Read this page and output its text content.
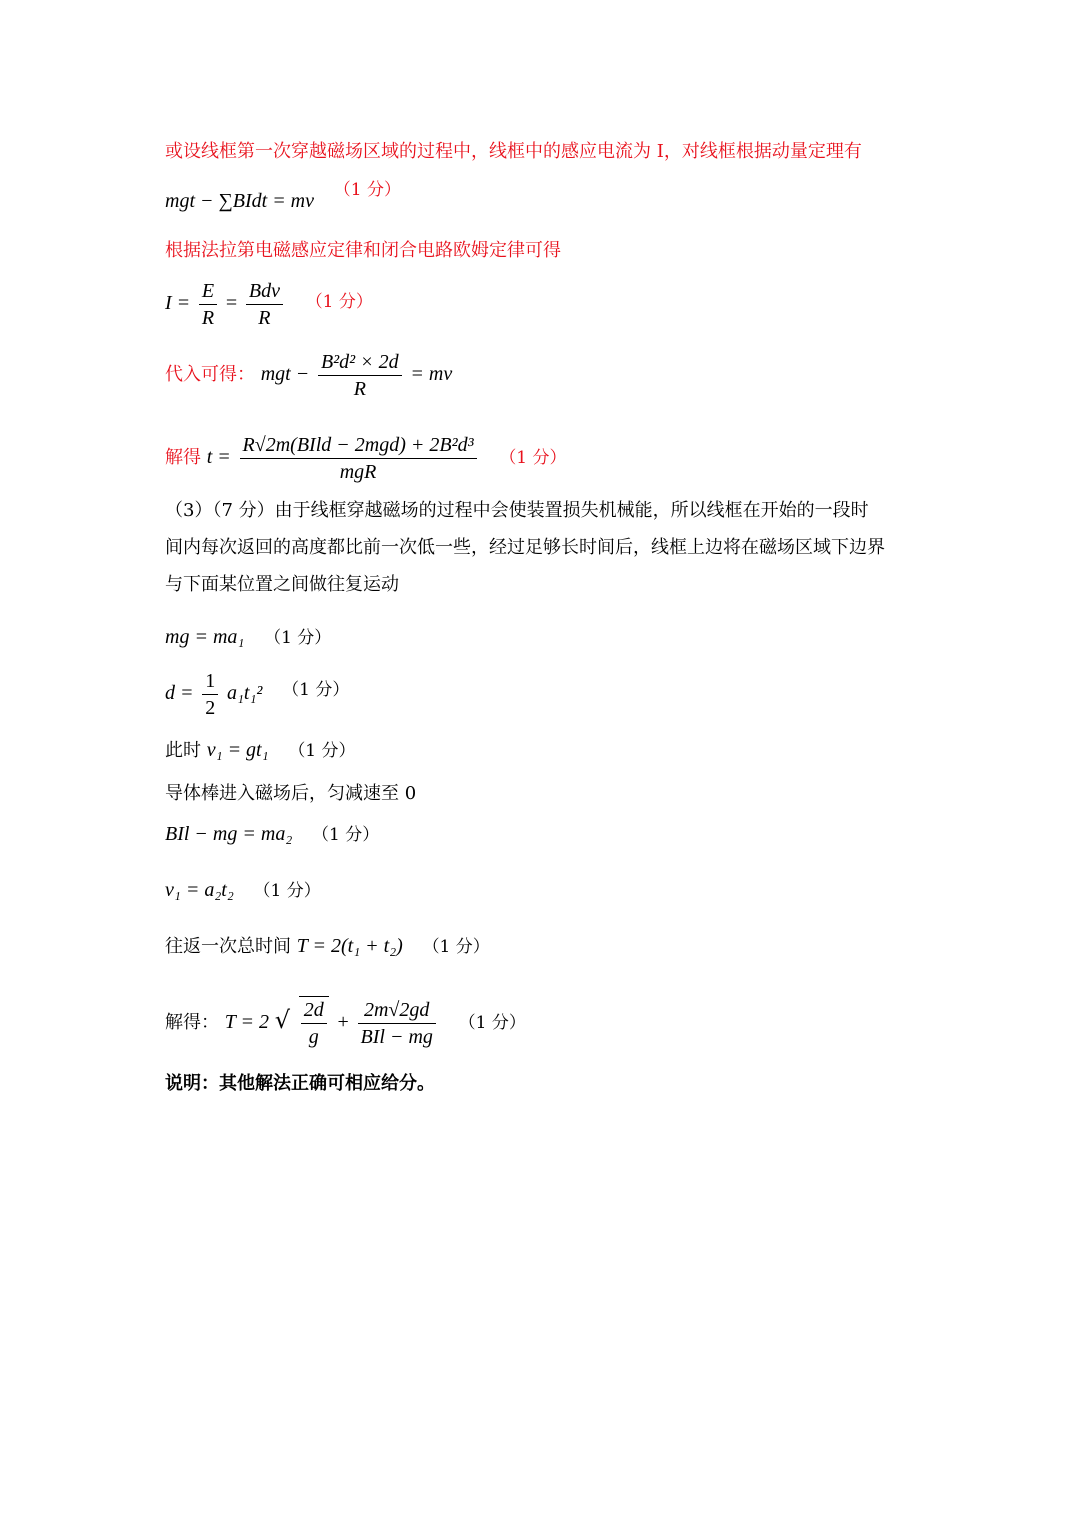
或设线框第一次穿越磁场区域的过程中，线框中的感应电流为 I，对线框根据动量定理有
mgt − ∑BIdt = mv （1 分）
根据法拉第电磁感应定律和闭合电路欧姆定律可得
$I = \frac{E}{R} = \frac{\text{Bdv}}{R} (1$ 分）
代入可得： mgt − $\frac{\text{B²d² × 2d}}{R}$ = mv
解得 $t = \frac{\text{R√2m(BIld − 2mgd) + 2B²d³}}{\text{mgR}} (1$ 分）
（3）（7 分）由于线框穿越磁场的过程中会使装置损失机械能，所以线框在开始的一段时
间内每次返回的高度都比前一次低一些，经过足够长时间后，线框上边将在磁场区域下边界
与下面某位置之间做往复运动
mg = ma₁ （1 分）
$d = \frac{1}{2} a_1t_1^2$ （1 分）
此时 v₁ = gt₁ （1 分）
导体棒进入磁场后，匀减速至 0
BIl − mg = ma₂ （1 分）
v₁ = a₂t₂ （1 分）
往返一次总时间 T = 2(t₁ + t₂) （1 分）
解得： T = 2 √ $\frac{2d}{g} + \frac{2m√2gd}{\text{BIl − mg}} (1$ 分）
说明：其他解法正确可相应给分。
